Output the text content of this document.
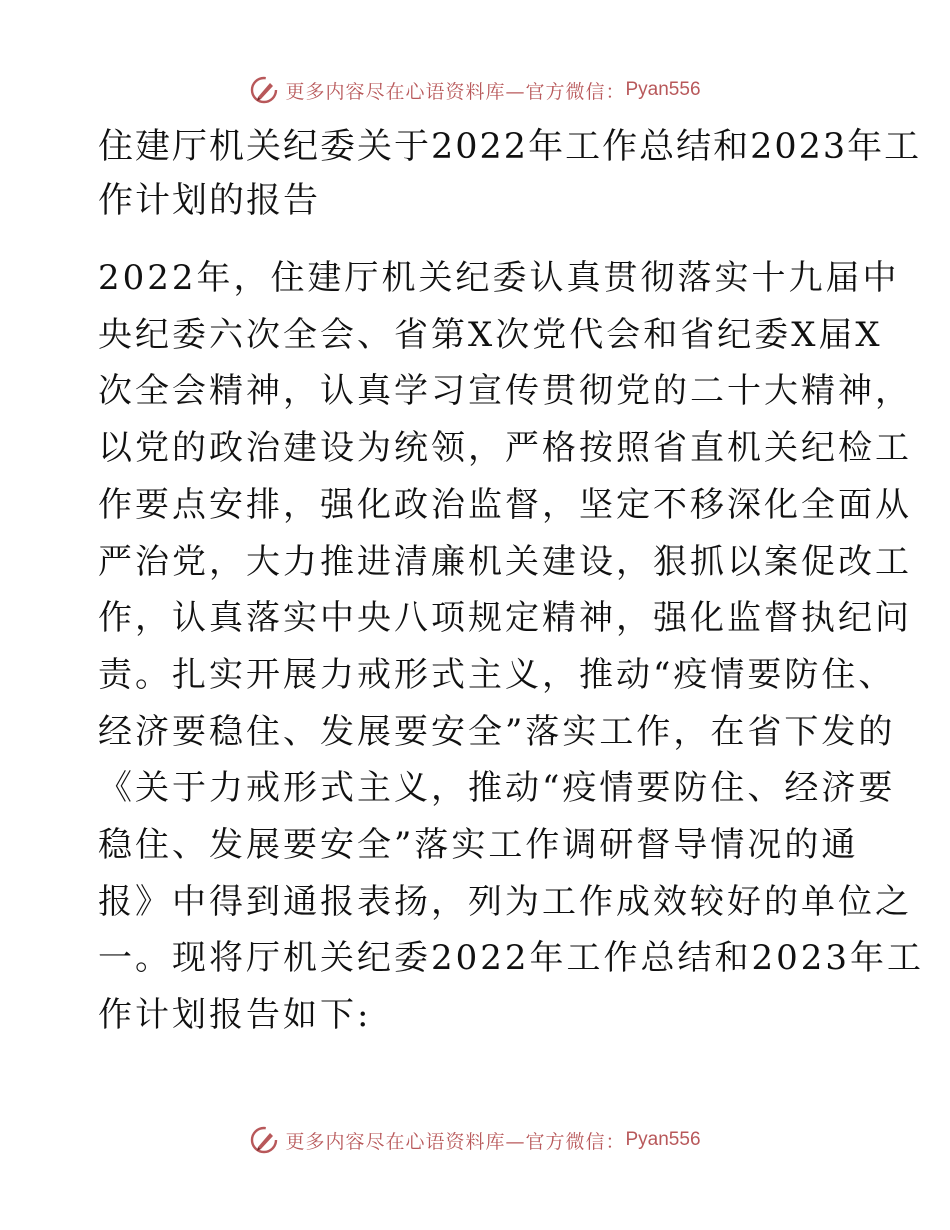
更多内容尽在心语资料库—官方微信： Pyan556
住建厅机关纪委关于2022年工作总结和2023年工
作计划的报告

2022年，住建厅机关纪委认真贯彻落实十九届中
央纪委六次全会、省第X次党代会和省纪委X届X
次全会精神，认真学习宣传贯彻党的二十大精神，
以党的政治建设为统领，严格按照省直机关纪检工
作要点安排，强化政治监督，坚定不移深化全面从
严治党，大力推进清廉机关建设，狠抓以案促改工
作，认真落实中央八项规定精神，强化监督执纪问
责。扎实开展力戒形式主义，推动“疫情要防住、
经济要稳住、发展要安全”落实工作，在省下发的
《关于力戒形式主义，推动“疫情要防住、经济要
稳住、发展要安全”落实工作调研督导情况的通
报》中得到通报表扬，列为工作成效较好的单位之
一。现将厅机关纪委2022年工作总结和2023年工
作计划报告如下:

更多内容尽在心语资料库—官方微信： Pyan556
